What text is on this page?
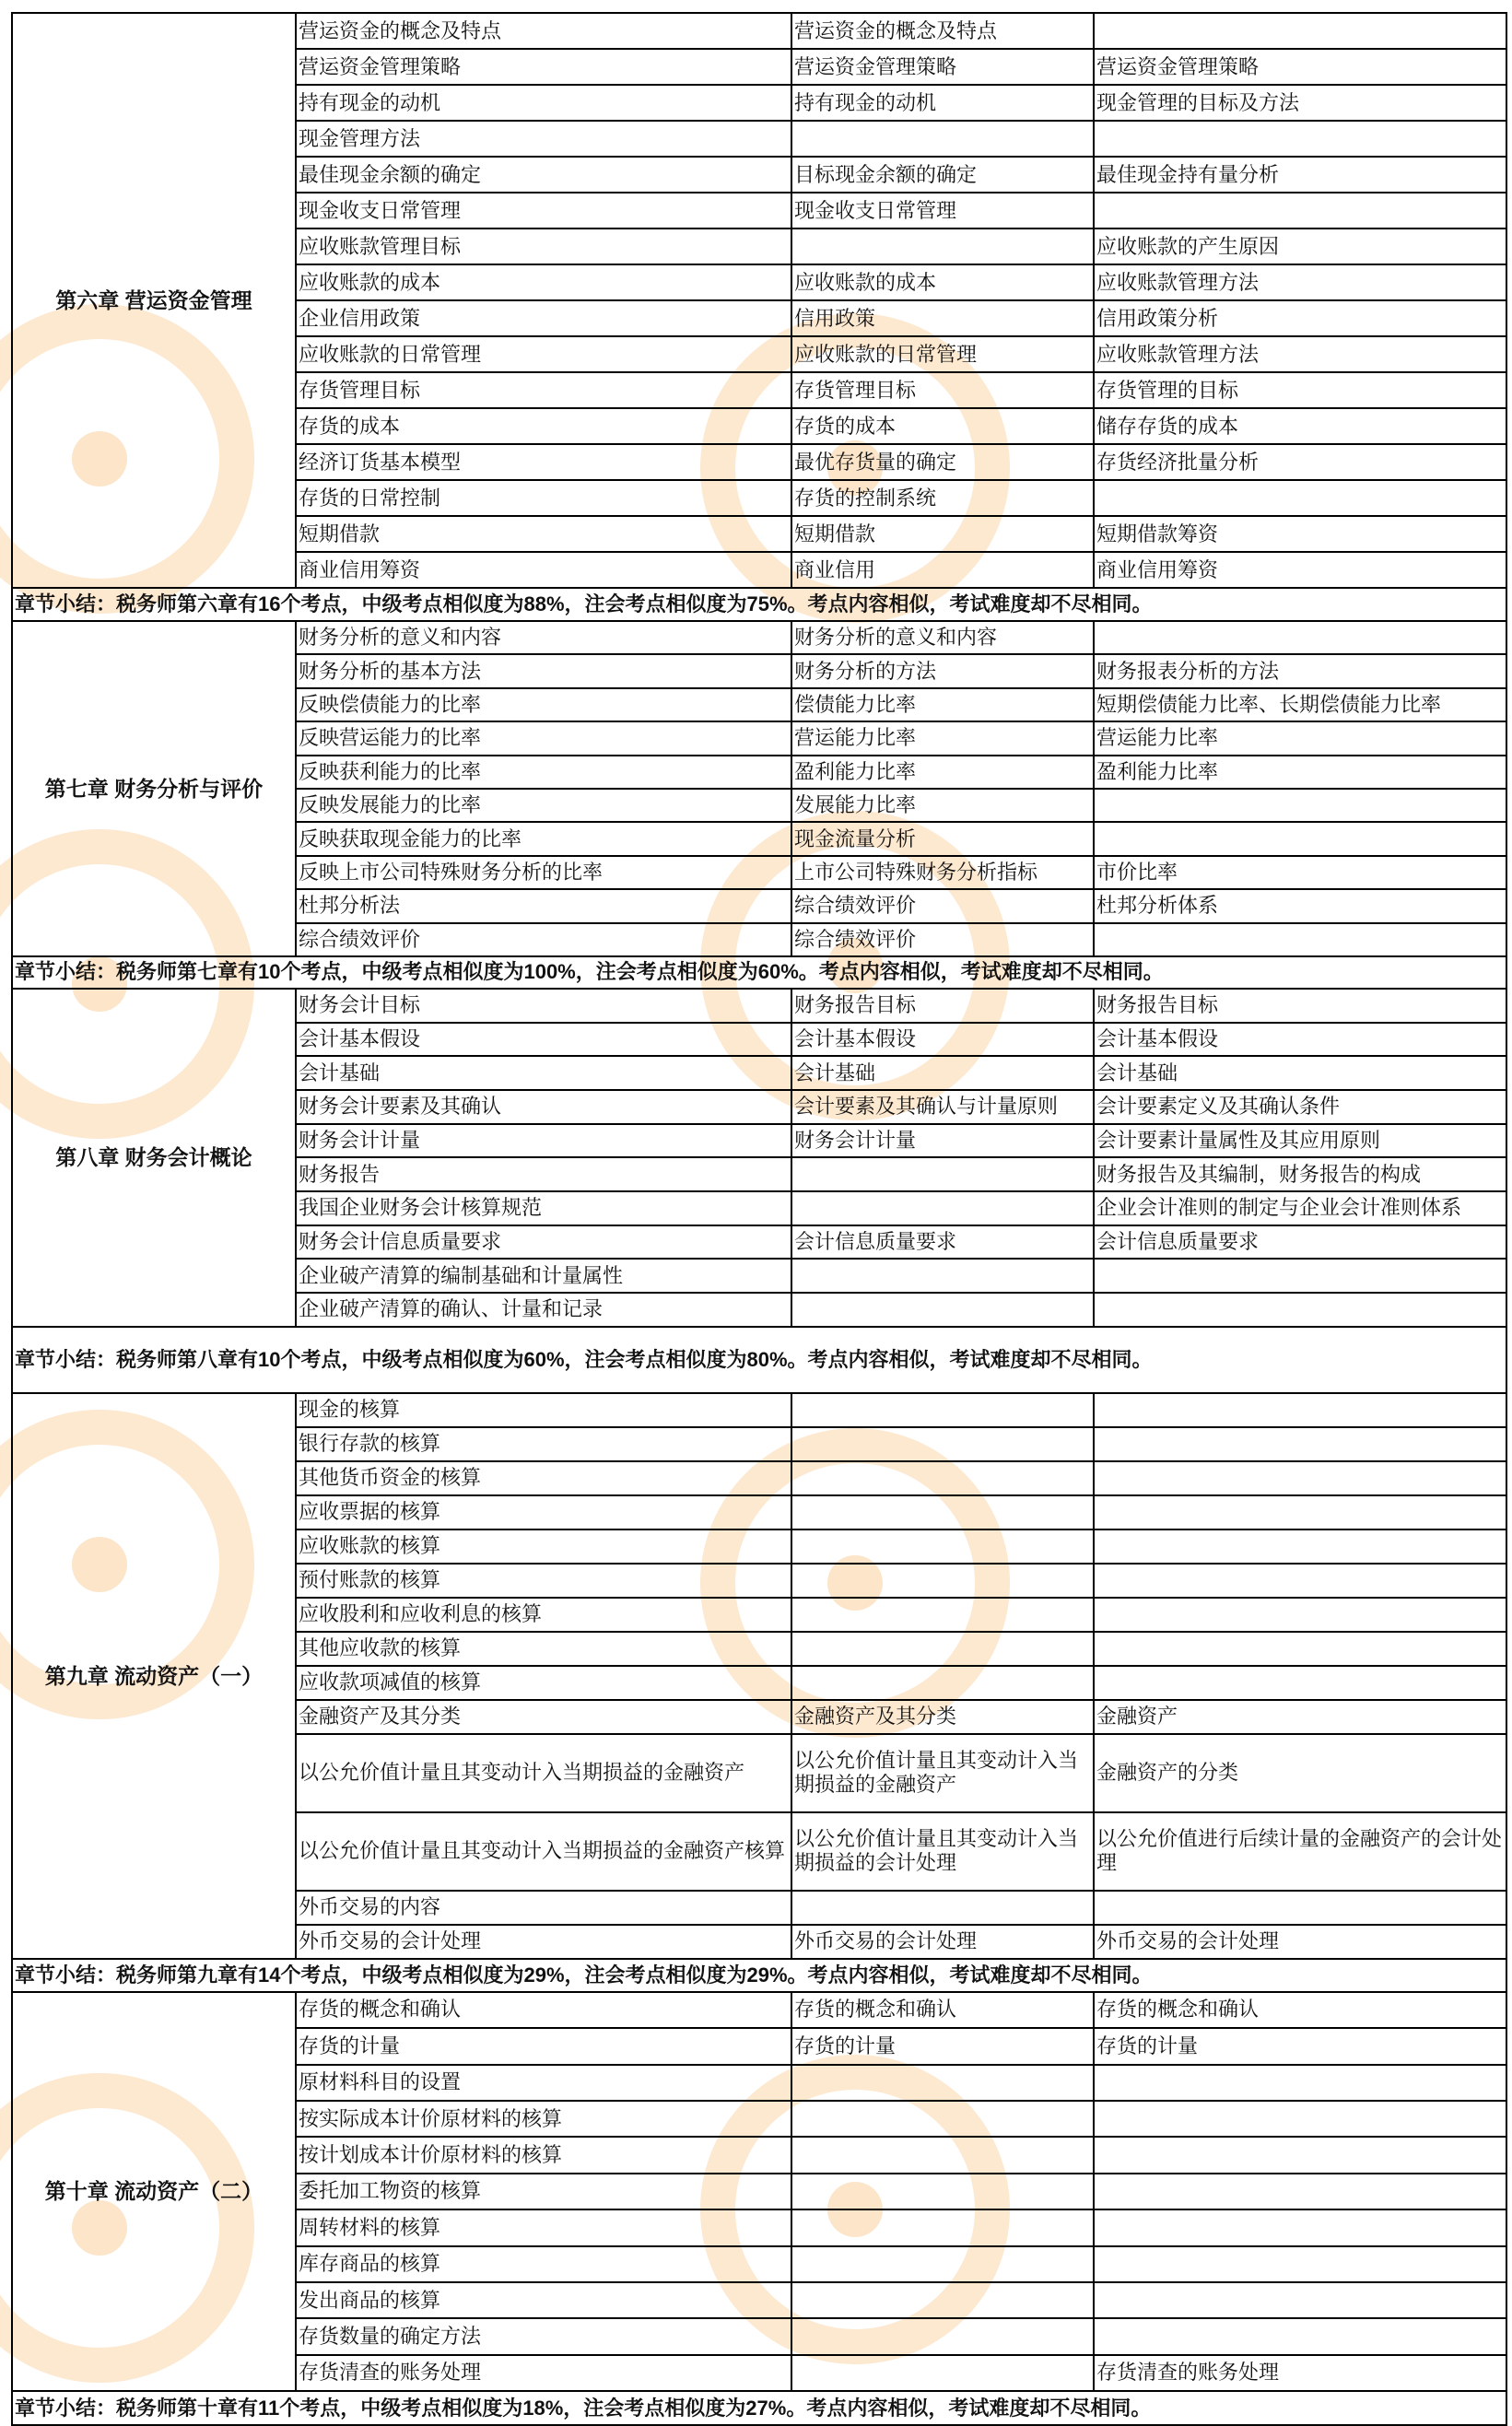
第六章 营运资金管理	营运资金的概念及特点	营运资金的概念及特点	
	营运资金管理策略	营运资金管理策略	营运资金管理策略
	持有现金的动机	持有现金的动机	现金管理的目标及方法
	现金管理方法		
	最佳现金余额的确定	目标现金余额的确定	最佳现金持有量分析
	现金收支日常管理	现金收支日常管理	
	应收账款管理目标		应收账款的产生原因
	应收账款的成本	应收账款的成本	应收账款管理方法
	企业信用政策	信用政策	信用政策分析
	应收账款的日常管理	应收账款的日常管理	应收账款管理方法
	存货管理目标	存货管理目标	存货管理的目标
	存货的成本	存货的成本	储存存货的成本
	经济订货基本模型	最优存货量的确定	存货经济批量分析
	存货的日常控制	存货的控制系统	
	短期借款	短期借款	短期借款筹资
	商业信用筹资	商业信用	商业信用筹资
章节小结：税务师第六章有16个考点，中级考点相似度为88%，注会考点相似度为75%。考点内容相似，考试难度却不尽相同。			
第七章 财务分析与评价	财务分析的意义和内容	财务分析的意义和内容	
	财务分析的基本方法	财务分析的方法	财务报表分析的方法
	反映偿债能力的比率	偿债能力比率	短期偿债能力比率、长期偿债能力比率
	反映营运能力的比率	营运能力比率	营运能力比率
	反映获利能力的比率	盈利能力比率	盈利能力比率
	反映发展能力的比率	发展能力比率	
	反映获取现金能力的比率	现金流量分析	
	反映上市公司特殊财务分析的比率	上市公司特殊财务分析指标	市价比率
	杜邦分析法	综合绩效评价	杜邦分析体系
	综合绩效评价	综合绩效评价	
章节小结：税务师第七章有10个考点，中级考点相似度为100%，注会考点相似度为60%。考点内容相似，考试难度却不尽相同。			
第八章 财务会计概论	财务会计目标	财务报告目标	财务报告目标
	会计基本假设	会计基本假设	会计基本假设
	会计基础	会计基础	会计基础
	财务会计要素及其确认	会计要素及其确认与计量原则	会计要素定义及其确认条件
	财务会计计量	财务会计计量	会计要素计量属性及其应用原则
	财务报告		财务报告及其编制，财务报告的构成
	我国企业财务会计核算规范		企业会计准则的制定与企业会计准则体系
	财务会计信息质量要求	会计信息质量要求	会计信息质量要求
	企业破产清算的编制基础和计量属性		
	企业破产清算的确认、计量和记录		
章节小结：税务师第八章有10个考点，中级考点相似度为60%，注会考点相似度为80%。考点内容相似，考试难度却不尽相同。			
第九章 流动资产（一）	现金的核算		
	银行存款的核算		
	其他货币资金的核算		
	应收票据的核算		
	应收账款的核算		
	预付账款的核算		
	应收股利和应收利息的核算		
	其他应收款的核算		
	应收款项减值的核算		
	金融资产及其分类	金融资产及其分类	金融资产
	以公允价值计量且其变动计入当期损益的金融资产	以公允价值计量且其变动计入当期损益的金融资产	金融资产的分类
	以公允价值计量且其变动计入当期损益的金融资产核算	以公允价值计量且其变动计入当期损益的会计处理	以公允价值进行后续计量的金融资产的会计处理
	外币交易的内容		
	外币交易的会计处理	外币交易的会计处理	外币交易的会计处理
章节小结：税务师第九章有14个考点，中级考点相似度为29%，注会考点相似度为29%。考点内容相似，考试难度却不尽相同。			
第十章 流动资产（二）	存货的概念和确认	存货的概念和确认	存货的概念和确认
	存货的计量	存货的计量	存货的计量
	原材料科目的设置		
	按实际成本计价原材料的核算		
	按计划成本计价原材料的核算		
	委托加工物资的核算		
	周转材料的核算		
	库存商品的核算		
	发出商品的核算		
	存货数量的确定方法		
	存货清查的账务处理		存货清查的账务处理
章节小结：税务师第十章有11个考点，中级考点相似度为18%，注会考点相似度为27%。考点内容相似，考试难度却不尽相同。			
